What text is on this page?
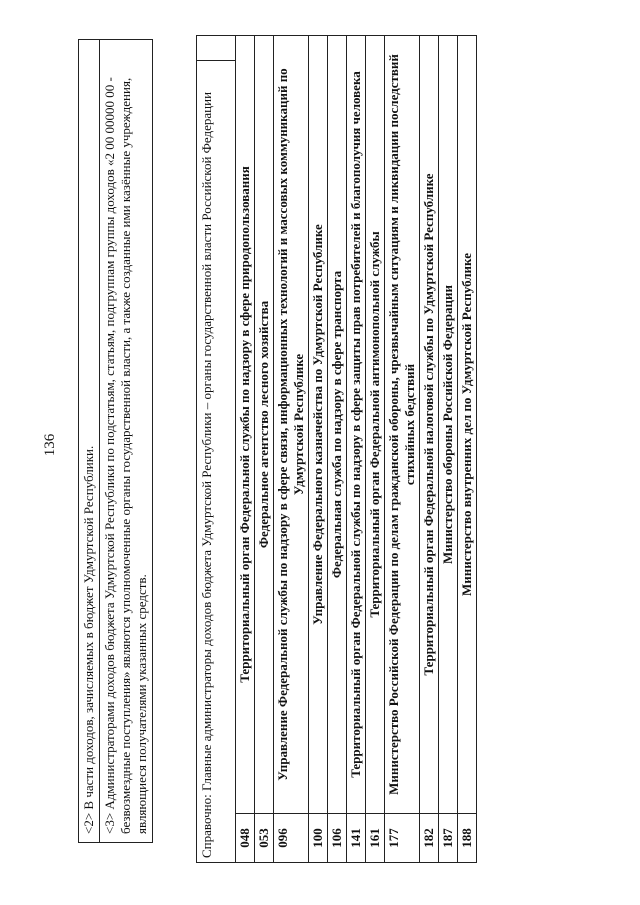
136
<2> В части доходов, зачисляемых в бюджет Удмуртской Республики.
<3> Администраторами доходов бюджета Удмуртской Республики по подстатьям, статьям, подгруппам группы доходов «2 00 00000 00 - безвозмездные поступления» являются уполномоченные органы государственной власти, а также созданные ими казённые учреждения, являющиеся получателями указанных средств.	Справочно: Главные администраторы доходов бюджета Удмуртской Республики – органы государственной власти Российской Федерации		
048	Территориальный орган Федеральной службы по надзору в сфере природопользования	
053	Федеральное агентство лесного хозяйства	
096	Управление Федеральной службы по надзору в сфере связи, информационных технологий и массовых коммуникаций по Удмуртской Республике	
100	Управление Федерального казначейства по Удмуртской Республике	
106	Федеральная служба по надзору в сфере транспорта	
141	Территориальный орган Федеральной службы по надзору в сфере защиты прав потребителей и благополучия человека	
161	Территориальный орган Федеральной антимонопольной службы	
177	Министерство Российской Федерации по делам гражданской обороны, чрезвычайным ситуациям и ликвидации последствий стихийных бедствий	
182	Территориальный орган Федеральной налоговой службы по Удмуртской Республике	
187	Министерство обороны Российской Федерации	
188	Министерство внутренних дел по Удмуртской Республике	
